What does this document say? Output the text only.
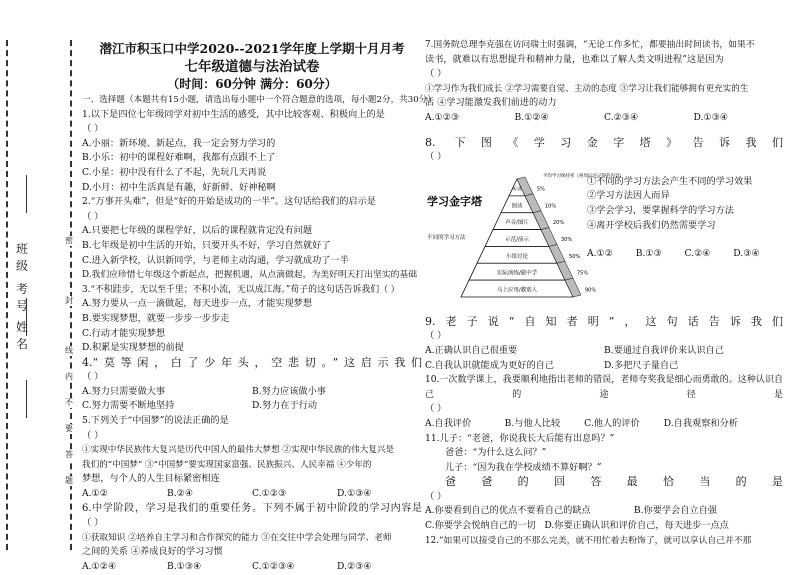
班级
考号
姓名
密
封
线
内
不
要
答
题
潜江市积玉口中学2020--2021学年度上学期十月月考
七年级道德与法治试卷
（时间：60分钟 满分：60分）
一、选择题（本题共有15小题，请选出每小题中一个符合题意的选项，每小题2分，共30分）
1.以下是四位七年级同学对初中生活的感受，其中比较客观、积极向上的是
（ ）
A.小丽：新环境、新起点，我一定会努力学习的
B.小乐：初中的课程好难啊，我都有点跟不上了
C.小星：初中没有什么了不起，先玩几天再说
D.小月：初中生活真是有趣，好新鲜、好神秘啊
2.“万事开头难”，但是“好的开始是成功的一半”。这句话给我们的启示是
（ ）
A.只要把七年级的课程学好，以后的课程就肯定没有问题
B.七年级是初中生活的开始，只要开头不好，学习自然就好了
C.进入新学校，认识新同学，与老师主动沟通，学习就成功了一半
D.我们应珍惜七年级这个新起点，把握机遇，从点滴做起，为美好明天打出坚实的基础
3.“不积跬步，无以至千里；不积小流，无以成江海。”荀子的这句话告诉我们（ ）
A.努力要从一点一滴做起，每天进步一点，才能实现梦想
B.要实现梦想，就要一步步一步步走
C.行动才能实现梦想
D.积累是实现梦想的前提
4.“莫等闲，白了少年头，空悲切。”这启示我们
（ ）
A.努力只需要做大事	B.努力应该做小事
C.努力需要不断地坚持	D.努力在于行动
5.下列关于“中国梦”的说法正确的是
（ ）
①实现中华民族伟大复兴是历代中国人的最伟大梦想 ②实现中华民族的伟大复兴是
我们的“中国梦” ③“中国梦”要实现国家富强、民族振兴、人民幸福 ④少年的
梦想，与个人的人生目标紧密相连
A.①②	B.②④	C.①②③	D.①③④
6.中学阶段，学习是我们的重要任务。下列不属于初中阶段的学习内容是
（ ）
①获取知识 ②培养自主学习和合作探究的能力 ③在交往中学会处理与同学、老师
之间的关系 ④养成良好的学习习惯
A.①②④	B.①③④	C.①②③④	D.②③④
7.国务院总理李克强在访问瑞士时强调，“无论工作多忙，都要抽出时间读书，如果不
读书，就难以有思想提升和精神力量，也难以了解人类文明进程”这是因为
（ ）
①学习作为我们成长 ②学习需要自觉、主动的态度 ③学习让我们能够拥有更充实的生
活 ④学习能激发我们前进的动力
A.①②③	B.①②④	C.②③④	D.①③④
8. 下图《学习金字塔》告诉我们
（ ）
学习金字塔
不同的学习方法
平均学习保持率（两周后还记得的内容）
听讲	5%
阅读	10%
声音/图片	20%
示范/演示	30%
小组讨论	50%
实际演练/做中学	75%
马上应用/教别人	90%
①不同的学习方法会产生不同的学习效果
②学习方法因人而异
③学会学习，要掌握科学的学习方法
④离开学校后我们仍然需要学习
A.①②	B.①③	C.②④	D.③④
9.老子说“自知者明”，这句话告诉我们
（ ）
A.正确认识自己很重要	B.要通过自我评价来认识自己
C.自我认识就能成为更好的自己	D.多把尺子量自己
10.一次数学课上，我要顺利地指出老师的错误，老师夸奖我是细心而勇敢的。这种认识自己的途径是
（ ）
A.自我评价	B.与他人比较	C.他人的评价	D.自我观察和分析
11.儿子：“老爸，你说我长大后能有出息吗？”
爸爸：“为什么这么问？”
儿子：“因为我在学校成绩不算好啊？”
爸爸的回答最恰当的是
（ ）
A.你要看到自己的优点不要看自己的缺点	B.你要学会自立自强
C.你要学会悦纳自己的一切 D.你要正确认识和评价自己，每天进步一点点
12.“如果可以接受自己的不那么完美，就不用忙着去粉饰了，就可以享认自己并不那
